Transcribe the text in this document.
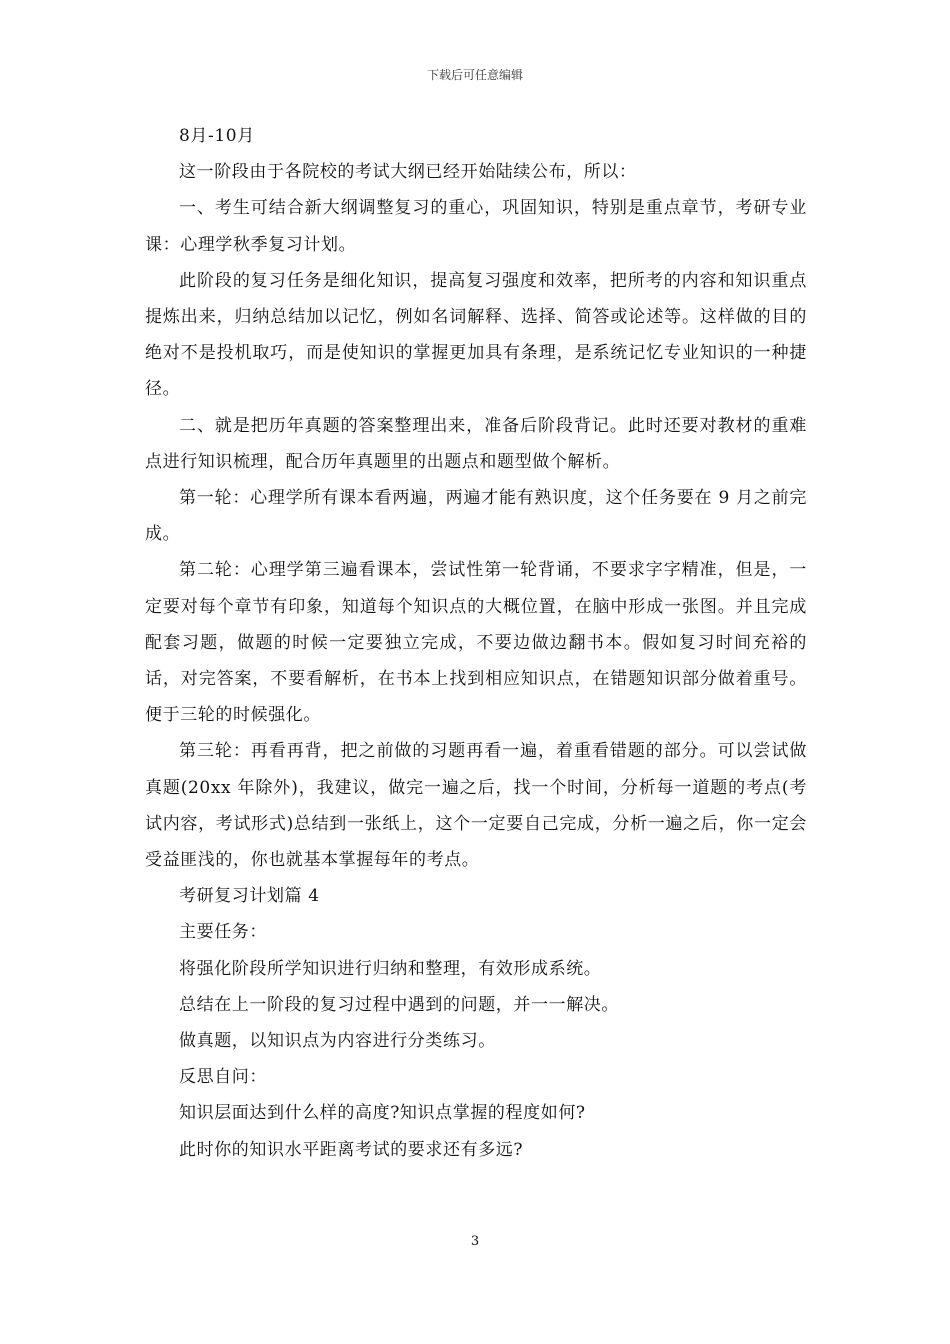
下载后可任意编辑

8月-10月

这一阶段由于各院校的考试大纲已经开始陆续公布，所以：

一、考生可结合新大纲调整复习的重心，巩固知识，特别是重点章节，考研专业课：心理学秋季复习计划。

此阶段的复习任务是细化知识，提高复习强度和效率，把所考的内容和知识重点提炼出来，归纳总结加以记忆，例如名词解释、选择、简答或论述等。这样做的目的绝对不是投机取巧，而是使知识的掌握更加具有条理，是系统记忆专业知识的一种捷径。

二、就是把历年真题的答案整理出来，准备后阶段背记。此时还要对教材的重难点进行知识梳理，配合历年真题里的出题点和题型做个解析。

第一轮：心理学所有课本看两遍，两遍才能有熟识度，这个任务要在 9 月之前完成。

第二轮：心理学第三遍看课本，尝试性第一轮背诵，不要求字字精准，但是，一定要对每个章节有印象，知道每个知识点的大概位置，在脑中形成一张图。并且完成配套习题，做题的时候一定要独立完成，不要边做边翻书本。假如复习时间充裕的话，对完答案，不要看解析，在书本上找到相应知识点，在错题知识部分做着重号。便于三轮的时候强化。

第三轮：再看再背，把之前做的习题再看一遍，着重看错题的部分。可以尝试做真题(20xx 年除外)，我建议，做完一遍之后，找一个时间，分析每一道题的考点(考试内容，考试形式)总结到一张纸上，这个一定要自己完成，分析一遍之后，你一定会受益匪浅的，你也就基本掌握每年的考点。

考研复习计划篇 4

主要任务：

将强化阶段所学知识进行归纳和整理，有效形成系统。

总结在上一阶段的复习过程中遇到的问题，并一一解决。

做真题，以知识点为内容进行分类练习。

反思自问：

知识层面达到什么样的高度?知识点掌握的程度如何?

此时你的知识水平距离考试的要求还有多远?

3
